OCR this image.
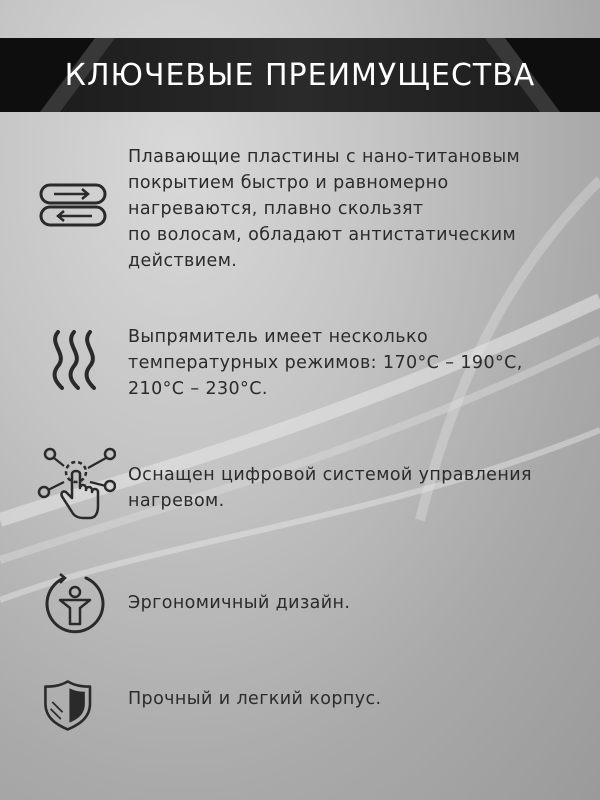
КЛЮЧЕВЫЕ ПРЕИМУЩЕСТВА
Плавающие пластины с нано-титановым
покрытием быстро и равномерно
нагреваются, плавно скользят
по волосам, обладают антистатическим
действием.
Выпрямитель имеет несколько
температурных режимов: 170°С – 190°С,
210°С – 230°С.
Оснащен цифровой системой управления
нагревом.
Эргономичный дизайн.
Прочный и легкий корпус.
